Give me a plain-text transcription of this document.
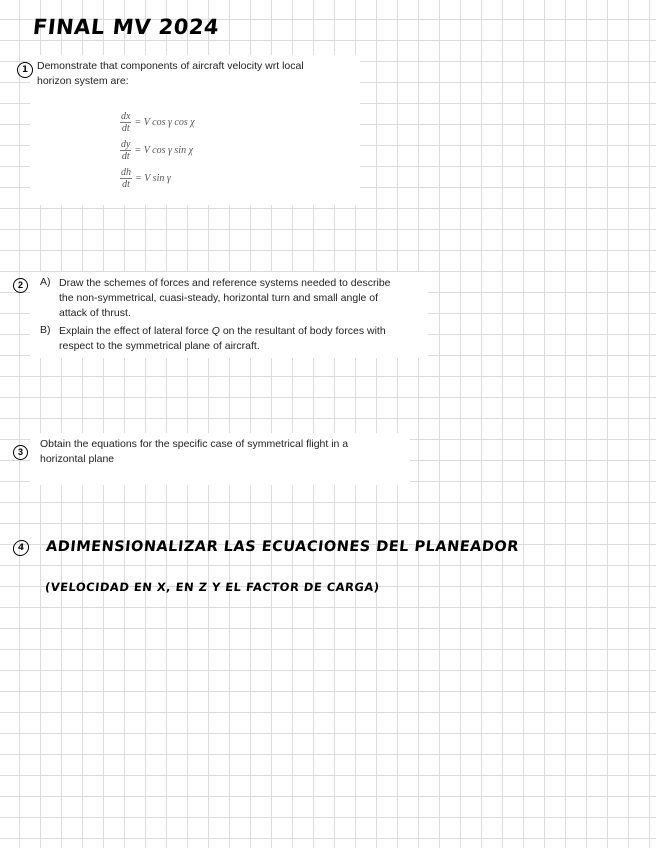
FINAL MV 2024
1 Demonstrate that components of aircraft velocity wrt local
horizon system are:
$\frac{dx}{dt} = V$ cos γ cos χ
$\frac{dy}{dt} = V$ cos γ sin χ
$\frac{dh}{dt} = V$ sin γ
2	A) Draw the schemes of forces and reference systems needed to describe
the non-symmetrical, cuasi-steady, horizontal turn and small angle of
attack of thrust.
B) Explain the effect of lateral force Q on the resultant of body forces with
respect to the symmetrical plane of aircraft.
3
Obtain the equations for the specific case of symmetrical flight in a
horizontal plane
4	ADIMENSIONALIZAR LAS ECUACIONES DEL PLANEADOR
(VELOCIDAD EN X, EN Z Y EL FACTOR DE CARGA)
